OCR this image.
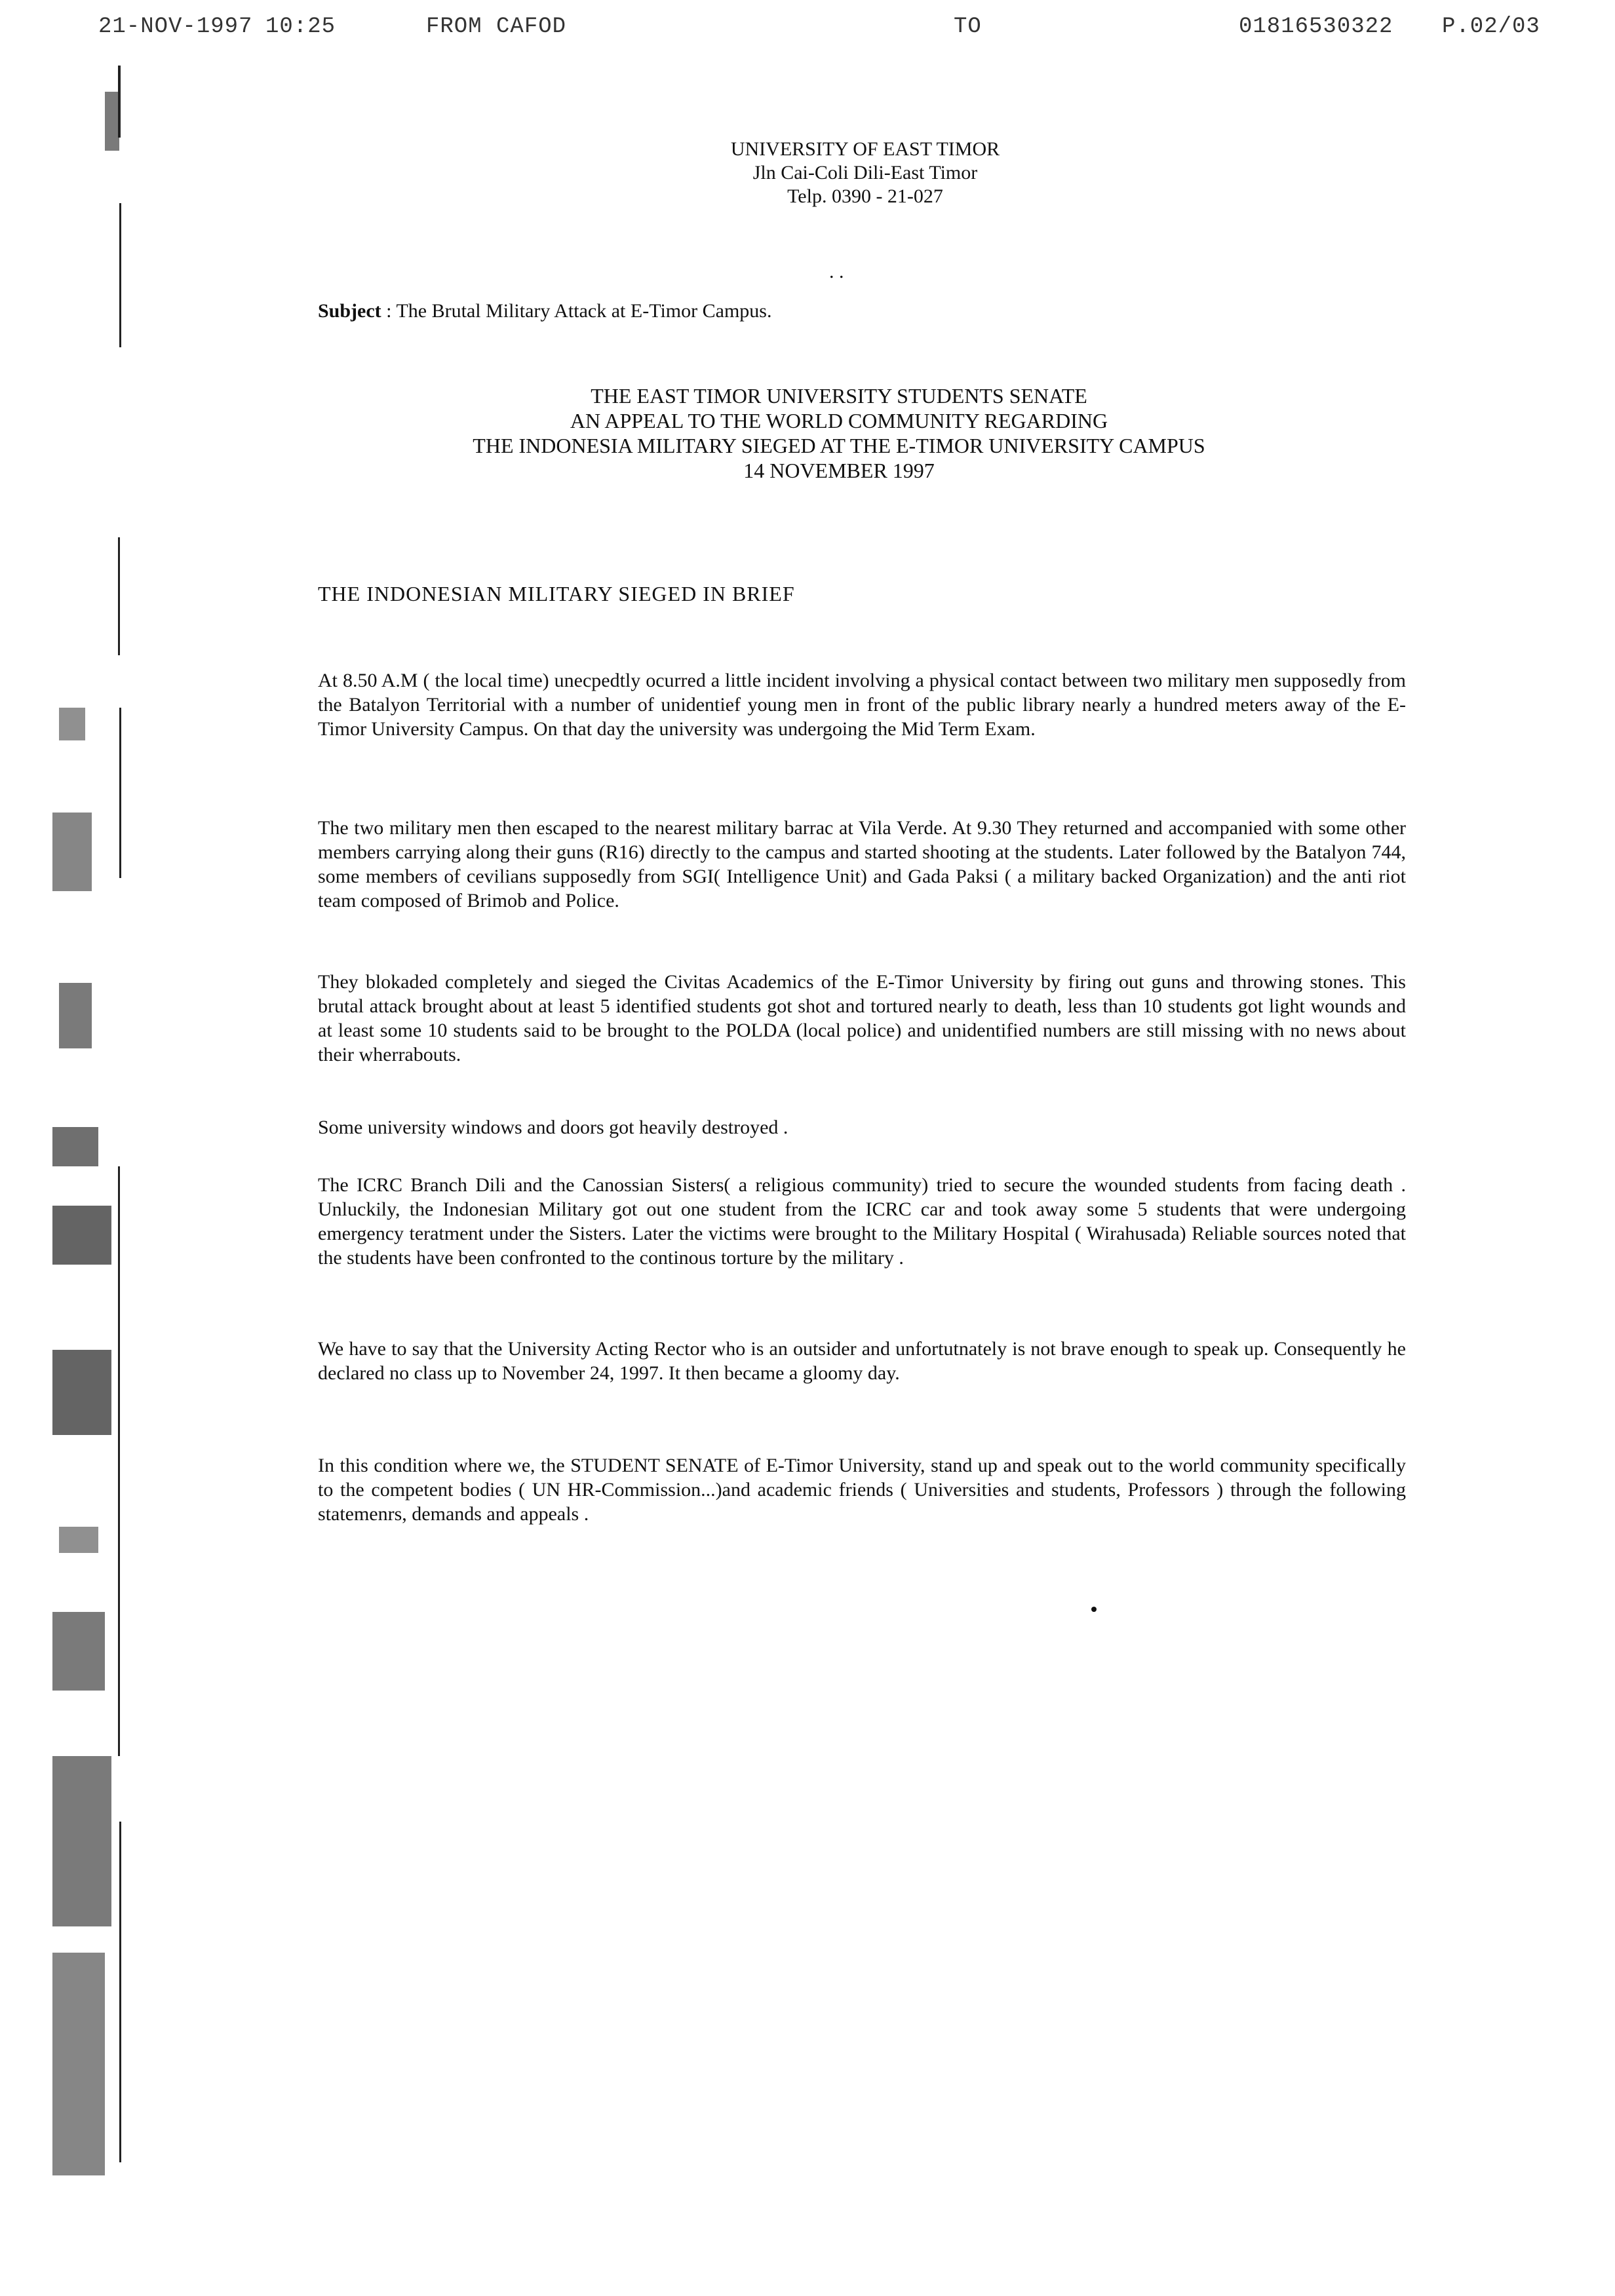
21-NOV-1997 10:25	FROM CAFOD	TO	01816530322 P.02/03
UNIVERSITY OF EAST TIMOR
Jln Cai-Coli Dili-East Timor
Telp. 0390 - 21-027
. .
Subject : The Brutal Military Attack at E-Timor Campus.
THE EAST TIMOR UNIVERSITY STUDENTS SENATE
AN APPEAL TO THE WORLD COMMUNITY REGARDING
THE INDONESIA MILITARY SIEGED AT THE E-TIMOR UNIVERSITY CAMPUS
14 NOVEMBER 1997
THE INDONESIAN MILITARY SIEGED IN BRIEF

At 8.50 A.M ( the local time) unecpedtly ocurred a little incident involving a physical contact between two military men supposedly from the Batalyon Territorial with a number of unidentief young men in front of the public library nearly a hundred meters away of the E-Timor University Campus. On that day the university was undergoing the Mid Term Exam.

The two military men then escaped to the nearest military barrac at Vila Verde. At 9.30 They returned and accompanied with some other members carrying along their guns (R16) directly to the campus and started shooting at the students. Later followed by the Batalyon 744, some members of cevilians supposedly from SGI( Intelligence Unit) and Gada Paksi ( a military backed Organization) and the anti riot team composed of Brimob and Police.

They blokaded completely and sieged the Civitas Academics of the E-Timor University by firing out guns and throwing stones. This brutal attack brought about at least 5 identified students got shot and tortured nearly to death, less than 10 students got light wounds and at least some 10 students said to be brought to the POLDA (local police) and unidentified numbers are still missing with no news about their wherrabouts.

Some university windows and doors got heavily destroyed .

The ICRC Branch Dili and the Canossian Sisters( a religious community) tried to secure the wounded students from facing death . Unluckily, the Indonesian Military got out one student from the ICRC car and took away some 5 students that were undergoing emergency teratment under the Sisters. Later the victims were brought to the Military Hospital ( Wirahusada) Reliable sources noted that the students have been confronted to the continous torture by the military .

We have to say that the University Acting Rector who is an outsider and unfortutnately is not brave enough to speak up. Consequently he declared no class up to November 24, 1997. It then became a gloomy day.

In this condition where we, the STUDENT SENATE of E-Timor University, stand up and speak out to the world community specifically to the competent bodies ( UN HR-Commission...)and academic friends ( Universities and students, Professors ) through the following statemenrs, demands and appeals .
